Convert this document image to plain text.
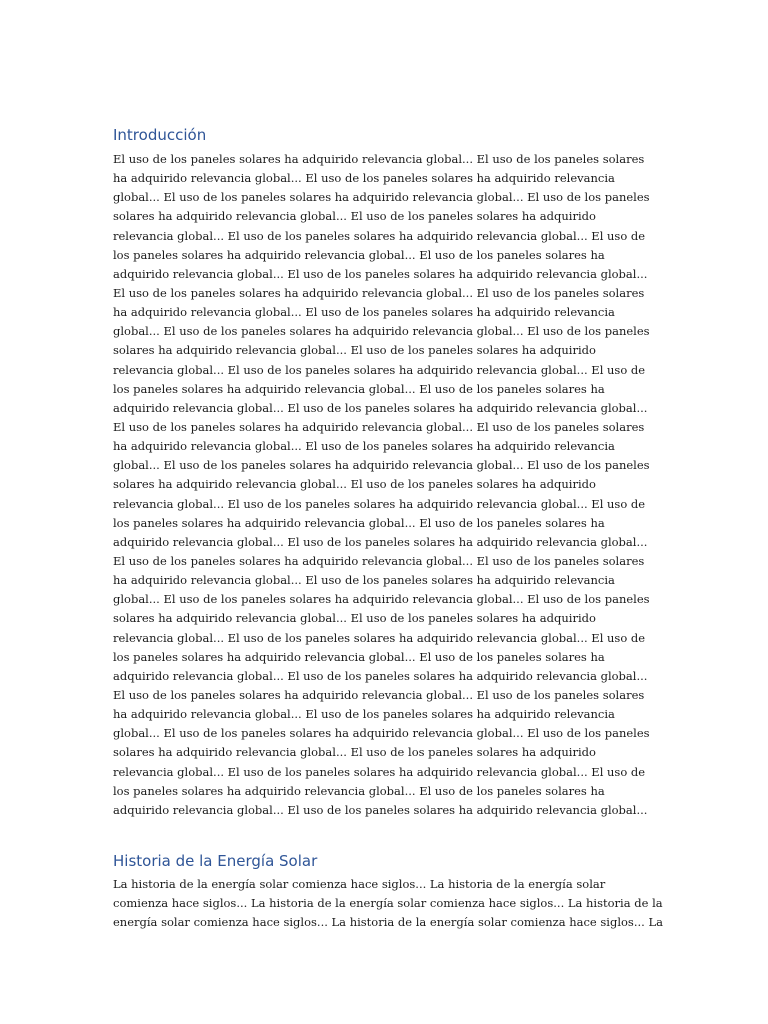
Introducción
El uso de los paneles solares ha adquirido relevancia global... El uso de los paneles solares
ha adquirido relevancia global... El uso de los paneles solares ha adquirido relevancia
global... El uso de los paneles solares ha adquirido relevancia global... El uso de los paneles
solares ha adquirido relevancia global... El uso de los paneles solares ha adquirido
relevancia global... El uso de los paneles solares ha adquirido relevancia global... El uso de
los paneles solares ha adquirido relevancia global... El uso de los paneles solares ha
adquirido relevancia global... El uso de los paneles solares ha adquirido relevancia global...
El uso de los paneles solares ha adquirido relevancia global... El uso de los paneles solares
ha adquirido relevancia global... El uso de los paneles solares ha adquirido relevancia
global... El uso de los paneles solares ha adquirido relevancia global... El uso de los paneles
solares ha adquirido relevancia global... El uso de los paneles solares ha adquirido
relevancia global... El uso de los paneles solares ha adquirido relevancia global... El uso de
los paneles solares ha adquirido relevancia global... El uso de los paneles solares ha
adquirido relevancia global... El uso de los paneles solares ha adquirido relevancia global...
El uso de los paneles solares ha adquirido relevancia global... El uso de los paneles solares
ha adquirido relevancia global... El uso de los paneles solares ha adquirido relevancia
global... El uso de los paneles solares ha adquirido relevancia global... El uso de los paneles
solares ha adquirido relevancia global... El uso de los paneles solares ha adquirido
relevancia global... El uso de los paneles solares ha adquirido relevancia global... El uso de
los paneles solares ha adquirido relevancia global... El uso de los paneles solares ha
adquirido relevancia global... El uso de los paneles solares ha adquirido relevancia global...
El uso de los paneles solares ha adquirido relevancia global... El uso de los paneles solares
ha adquirido relevancia global... El uso de los paneles solares ha adquirido relevancia
global... El uso de los paneles solares ha adquirido relevancia global... El uso de los paneles
solares ha adquirido relevancia global... El uso de los paneles solares ha adquirido
relevancia global... El uso de los paneles solares ha adquirido relevancia global... El uso de
los paneles solares ha adquirido relevancia global... El uso de los paneles solares ha
adquirido relevancia global... El uso de los paneles solares ha adquirido relevancia global...
El uso de los paneles solares ha adquirido relevancia global... El uso de los paneles solares
ha adquirido relevancia global... El uso de los paneles solares ha adquirido relevancia
global... El uso de los paneles solares ha adquirido relevancia global... El uso de los paneles
solares ha adquirido relevancia global... El uso de los paneles solares ha adquirido
relevancia global... El uso de los paneles solares ha adquirido relevancia global... El uso de
los paneles solares ha adquirido relevancia global... El uso de los paneles solares ha
adquirido relevancia global... El uso de los paneles solares ha adquirido relevancia global...
Historia de la Energía Solar
La historia de la energía solar comienza hace siglos... La historia de la energía solar
comienza hace siglos... La historia de la energía solar comienza hace siglos... La historia de la
energía solar comienza hace siglos... La historia de la energía solar comienza hace siglos... La
